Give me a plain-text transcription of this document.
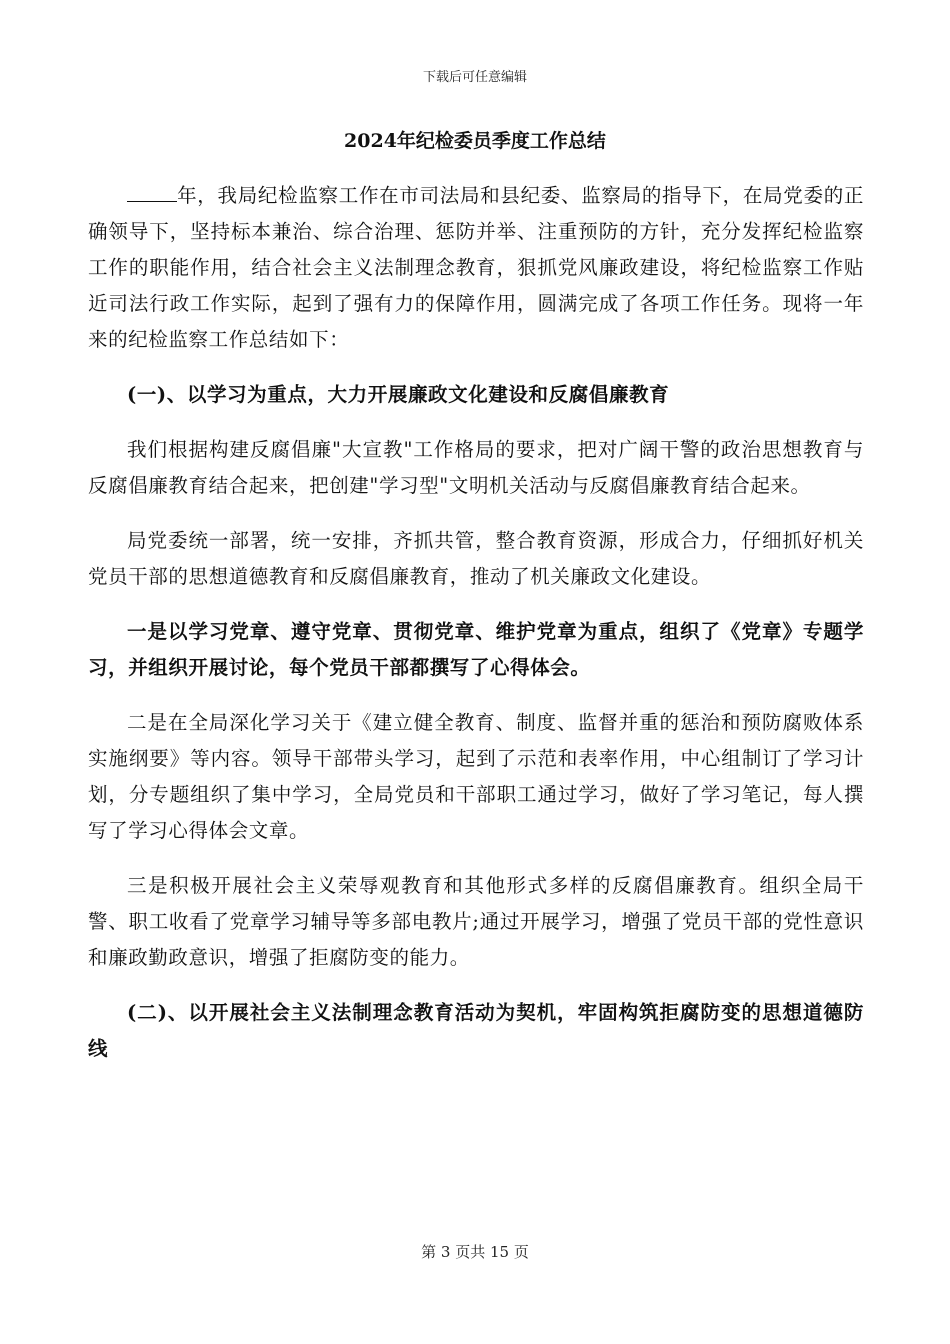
下载后可任意编辑
2024年纪检委员季度工作总结

年，我局纪检监察工作在市司法局和县纪委、监察局的指导下，在局党委的正确领导下，坚持标本兼治、综合治理、惩防并举、注重预防的方针，充分发挥纪检监察工作的职能作用，结合社会主义法制理念教育，狠抓党风廉政建设，将纪检监察工作贴近司法行政工作实际，起到了强有力的保障作用，圆满完成了各项工作任务。现将一年来的纪检监察工作总结如下：

(一)、以学习为重点，大力开展廉政文化建设和反腐倡廉教育

我们根据构建反腐倡廉"大宣教"工作格局的要求，把对广阔干警的政治思想教育与反腐倡廉教育结合起来，把创建"学习型"文明机关活动与反腐倡廉教育结合起来。

局党委统一部署，统一安排，齐抓共管，整合教育资源，形成合力，仔细抓好机关党员干部的思想道德教育和反腐倡廉教育，推动了机关廉政文化建设。

一是以学习党章、遵守党章、贯彻党章、维护党章为重点，组织了《党章》专题学习，并组织开展讨论，每个党员干部都撰写了心得体会。

二是在全局深化学习关于《建立健全教育、制度、监督并重的惩治和预防腐败体系实施纲要》等内容。领导干部带头学习，起到了示范和表率作用，中心组制订了学习计划，分专题组织了集中学习，全局党员和干部职工通过学习，做好了学习笔记，每人撰写了学习心得体会文章。

三是积极开展社会主义荣辱观教育和其他形式多样的反腐倡廉教育。组织全局干警、职工收看了党章学习辅导等多部电教片;通过开展学习，增强了党员干部的党性意识和廉政勤政意识，增强了拒腐防变的能力。

(二)、以开展社会主义法制理念教育活动为契机，牢固构筑拒腐防变的思想道德防线

第 3 页共 15 页
